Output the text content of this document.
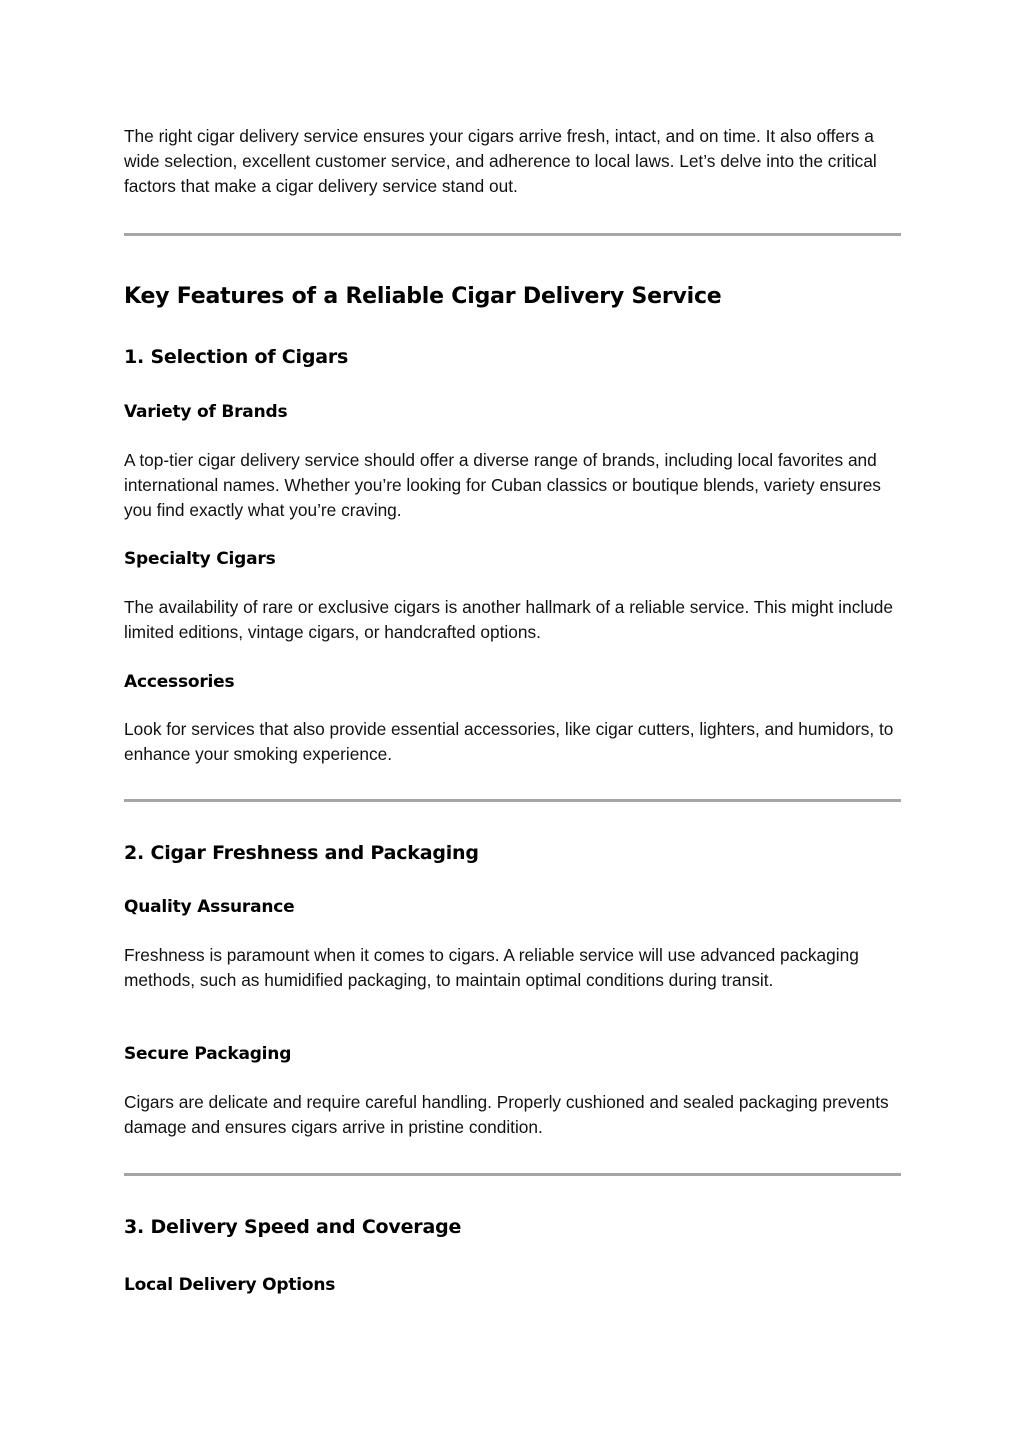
The right cigar delivery service ensures your cigars arrive fresh, intact, and on time. It also offers a wide selection, excellent customer service, and adherence to local laws. Let’s delve into the critical factors that make a cigar delivery service stand out.

Key Features of a Reliable Cigar Delivery Service
1. Selection of Cigars
Variety of Brands

A top-tier cigar delivery service should offer a diverse range of brands, including local favorites and international names. Whether you’re looking for Cuban classics or boutique blends, variety ensures you find exactly what you’re craving.

Specialty Cigars

The availability of rare or exclusive cigars is another hallmark of a reliable service. This might include limited editions, vintage cigars, or handcrafted options.

Accessories

Look for services that also provide essential accessories, like cigar cutters, lighters, and humidors, to enhance your smoking experience.

2. Cigar Freshness and Packaging
Quality Assurance

Freshness is paramount when it comes to cigars. A reliable service will use advanced packaging methods, such as humidified packaging, to maintain optimal conditions during transit.

Secure Packaging

Cigars are delicate and require careful handling. Properly cushioned and sealed packaging prevents damage and ensures cigars arrive in pristine condition.

3. Delivery Speed and Coverage
Local Delivery Options
